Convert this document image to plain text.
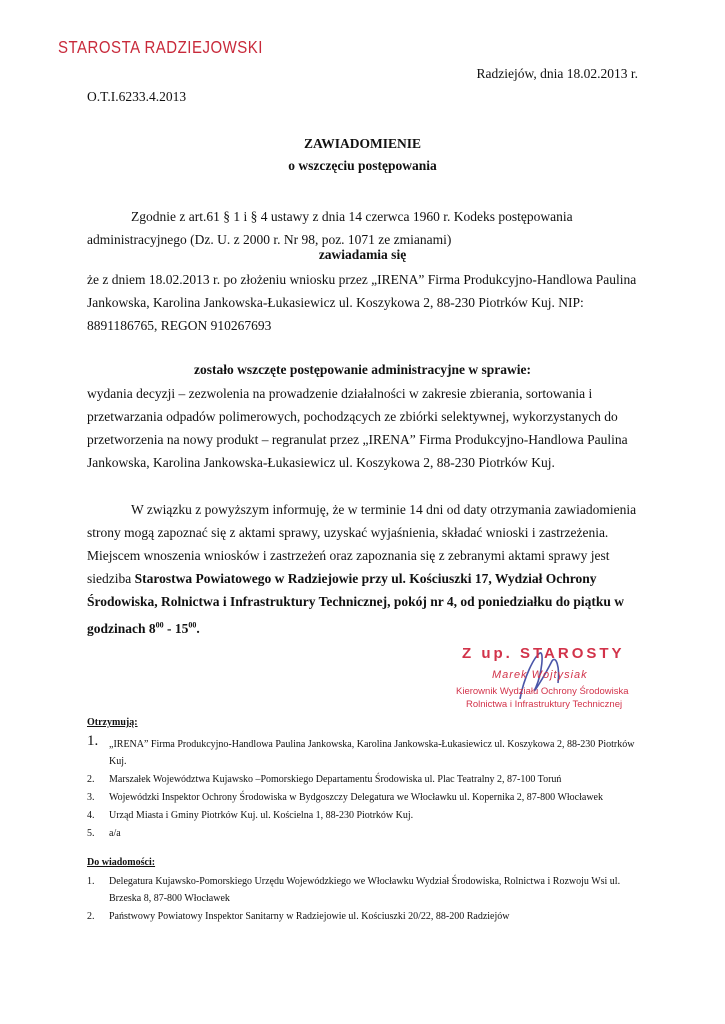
STAROSTA RADZIEJOWSKI
Radziejów, dnia 18.02.2013 r.
O.T.I.6233.4.2013
ZAWIADOMIENIE
o wszczęciu postępowania

Zgodnie z art.61 § 1 i § 4 ustawy z dnia 14 czerwca 1960 r. Kodeks postępowania administracyjnego (Dz. U. z 2000 r. Nr 98, poz. 1071 ze zmianami)

zawiadamia się

że z dniem 18.02.2013 r. po złożeniu wniosku przez „IRENA” Firma Produkcyjno-Handlowa Paulina Jankowska, Karolina Jankowska-Łukasiewicz ul. Koszykowa 2, 88-230 Piotrków Kuj. NIP: 8891186765, REGON 910267693

zostało wszczęte postępowanie administracyjne w sprawie:

wydania decyzji – zezwolenia na prowadzenie działalności w zakresie zbierania, sortowania i przetwarzania odpadów polimerowych, pochodzących ze zbiórki selektywnej, wykorzystanych do przetworzenia na nowy produkt – regranulat przez „IRENA” Firma Produkcyjno-Handlowa Paulina Jankowska, Karolina Jankowska-Łukasiewicz ul. Koszykowa 2, 88-230 Piotrków Kuj.

W związku z powyższym informuję, że w terminie 14 dni od daty otrzymania zawiadomienia strony mogą zapoznać się z aktami sprawy, uzyskać wyjaśnienia, składać wnioski i zastrzeżenia. Miejscem wnoszenia wniosków i zastrzeżeń oraz zapoznania się z zebranymi aktami sprawy jest siedziba Starostwa Powiatowego w Radziejowie przy ul. Kościuszki 17, Wydział Ochrony Środowiska, Rolnictwa i Infrastruktury Technicznej, pokój nr 4, od poniedziałku do piątku w godzinach $8^{00} - 15^{00}$.

Z up. STAROSTY
Marek Wojtysiak
Kierownik Wydziału Ochrony Środowiska
Rolnictwa i Infrastruktury Technicznej
Otrzymują:
1. „IRENA” Firma Produkcyjno-Handlowa Paulina Jankowska, Karolina Jankowska-Łukasiewicz ul. Koszykowa 2, 88-230 Piotrków Kuj.
2. Marszałek Województwa Kujawsko –Pomorskiego Departamentu Środowiska ul. Plac Teatralny 2, 87-100 Toruń
3. Wojewódzki Inspektor Ochrony Środowiska w Bydgoszczy Delegatura we Włocławku ul. Kopernika 2, 87-800 Włocławek
4. Urząd Miasta i Gminy Piotrków Kuj. ul. Kościelna 1, 88-230 Piotrków Kuj.
5. a/a
Do wiadomości:
1. Delegatura Kujawsko-Pomorskiego Urzędu Wojewódzkiego we Włocławku Wydział Środowiska, Rolnictwa i Rozwoju Wsi ul. Brzeska 8, 87-800 Włocławek
2. Państwowy Powiatowy Inspektor Sanitarny w Radziejowie ul. Kościuszki 20/22, 88-200 Radziejów
